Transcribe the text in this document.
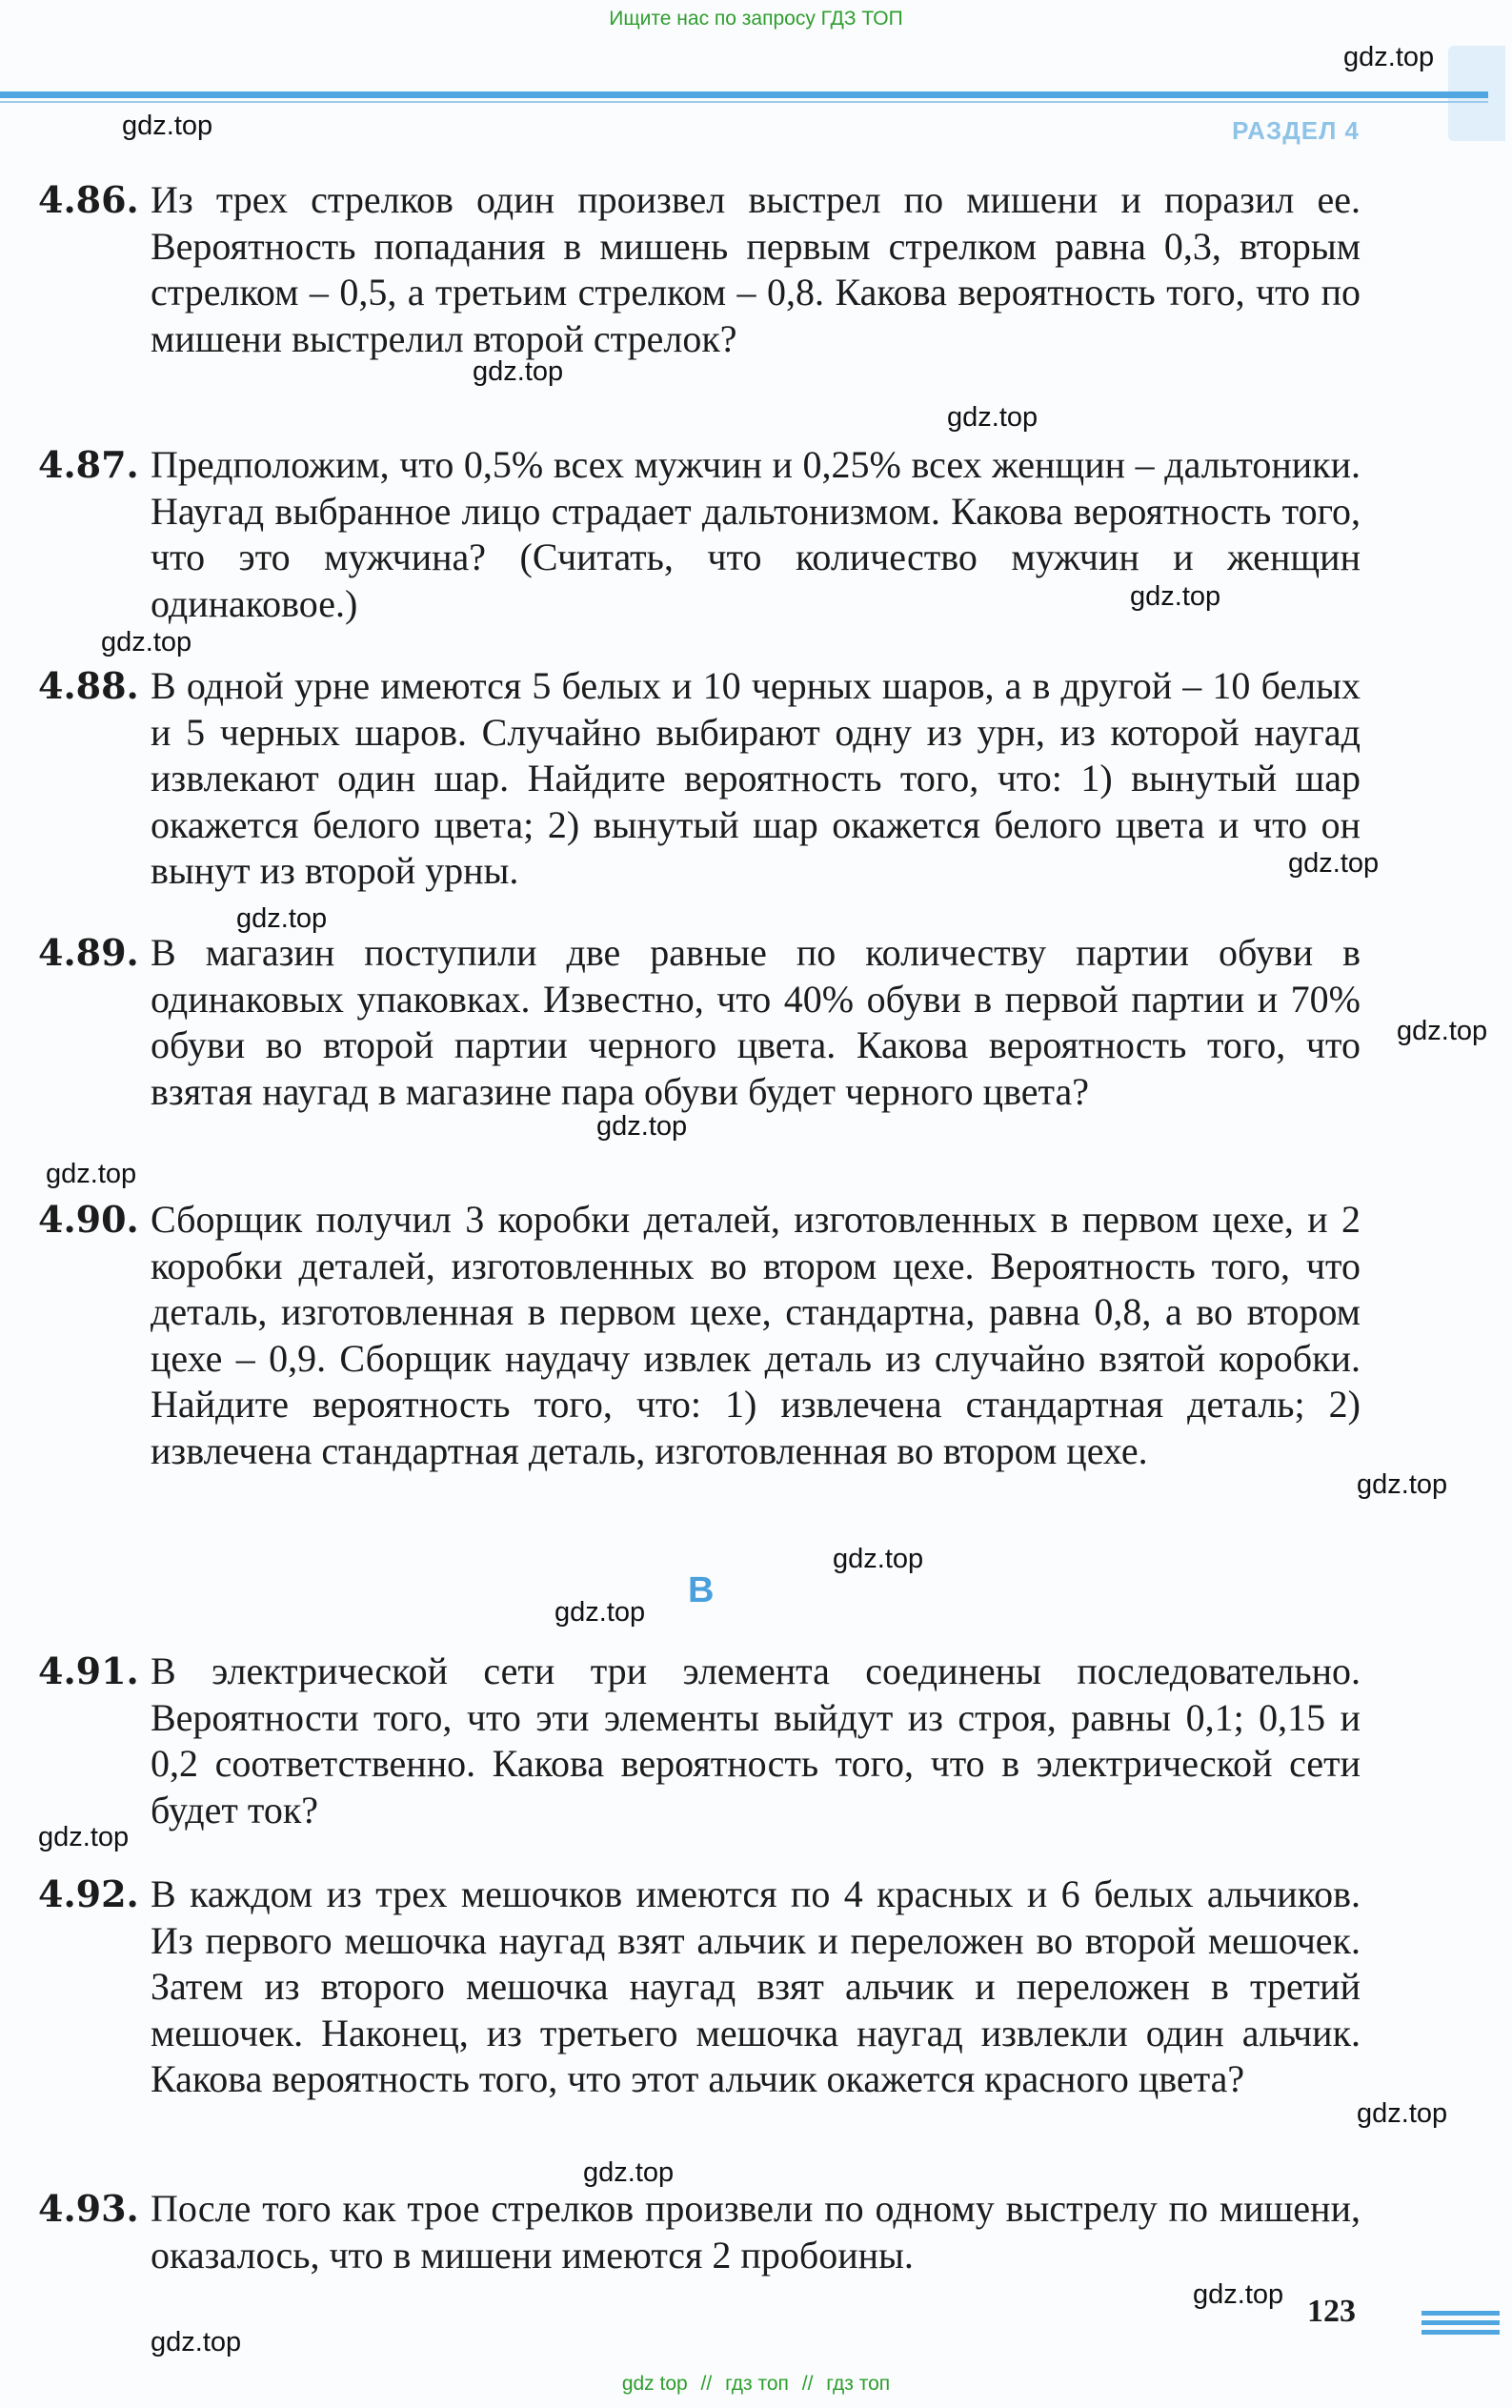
Ищите нас по запросу ГДЗ ТОП
РАЗДЕЛ 4
4.86. Из трех стрелков один произвел выстрел по мишени и поразил ее. Вероятность попадания в мишень первым стрелком равна 0,3, вторым стрелком – 0,5, а третьим стрелком – 0,8. Какова вероятность того, что по мишени выстрелил второй стрелок?
4.87. Предположим, что 0,5% всех мужчин и 0,25% всех женщин – дальтоники. Наугад выбранное лицо страдает дальтонизмом. Какова вероятность того, что это мужчина? (Считать, что количество мужчин и женщин одинаковое.)
4.88. В одной урне имеются 5 белых и 10 черных шаров, а в другой – 10 белых и 5 черных шаров. Случайно выбирают одну из урн, из которой наугад извлекают один шар. Найдите вероятность того, что: 1) вынутый шар окажется белого цвета; 2) вынутый шар окажется белого цвета и что он вынут из второй урны.
4.89. В магазин поступили две равные по количеству партии обуви в одинаковых упаковках. Известно, что 40% обуви в первой партии и 70% обуви во второй партии черного цвета. Какова вероятность того, что взятая наугад в магазине пара обуви будет черного цвета?
4.90. Сборщик получил 3 коробки деталей, изготовленных в первом цехе, и 2 коробки деталей, изготовленных во втором цехе. Вероятность того, что деталь, изготовленная в первом цехе, стандартна, равна 0,8, а во втором цехе – 0,9. Сборщик наудачу извлек деталь из случайно взятой коробки. Найдите вероятность того, что: 1) извлечена стандартная деталь; 2) извлечена стандартная деталь, изготовленная во втором цехе.
B
4.91. В электрической сети три элемента соединены последовательно. Вероятности того, что эти элементы выйдут из строя, равны 0,1; 0,15 и 0,2 соответственно. Какова вероятность того, что в электрической сети будет ток?
4.92. В каждом из трех мешочков имеются по 4 красных и 6 белых альчиков. Из первого мешочка наугад взят альчик и переложен во второй мешочек. Затем из второго мешочка наугад взят альчик и переложен в третий мешочек. Наконец, из третьего мешочка наугад извлекли один альчик. Какова вероятность того, что этот альчик окажется красного цвета?
4.93. После того как трое стрелков произвели по одному выстрелу по мишени, оказалось, что в мишени имеются 2 пробоины.
123
gdz.top
gdz.top
gdz.top
gdz.top
gdz.top
gdz.top
gdz.top
gdz.top
gdz.top
gdz.top
gdz.top
gdz.top
gdz.top
gdz.top
gdz.top
gdz.top
gdz.top
gdz.top
gdz.top
gdz top // гдз топ // гдз топ
